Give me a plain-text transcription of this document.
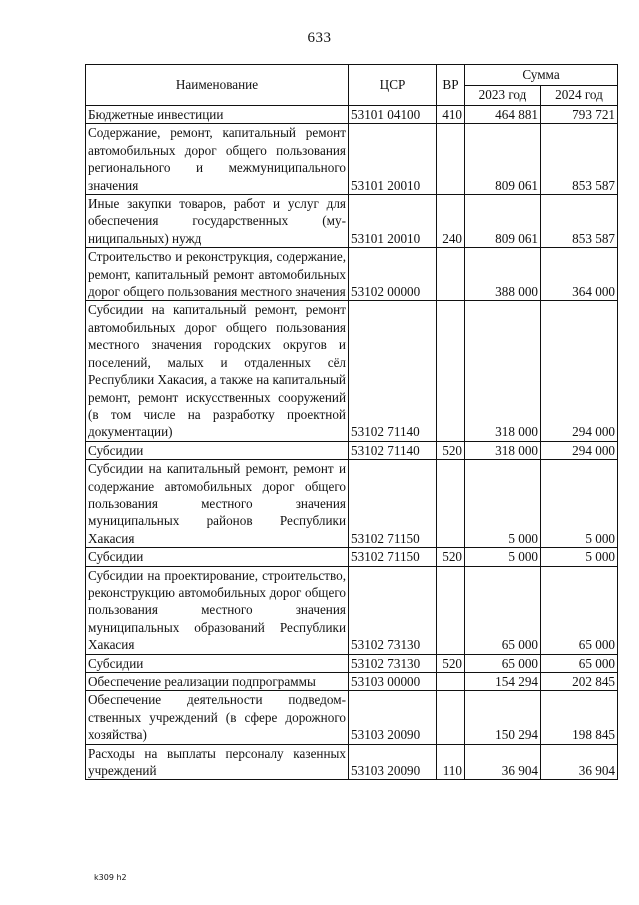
633
Наименование	ЦСР	ВР	Сумма	
			2023 год	2024 год
Бюджетные инвестиции	53101 04100	410	464 881	793 721
Содержание, ремонт, капитальный ремонт автомобильных дорог общего пользования регионального и межмуниципального значения	53101 20010		809 061	853 587
Иные закупки товаров, работ и услуг для обеспечения государственных (муниципальных) нужд	53101 20010	240	809 061	853 587
Строительство и реконструкция, содержание, ремонт, капитальный ремонт автомобильных дорог общего пользования местного значения	53102 00000		388 000	364 000
Субсидии на капитальный ремонт, ремонт автомобильных дорог общего пользования местного значения городских округов и поселений, малых и отдаленных сёл Республики Хакасия, а также на капитальный ремонт, ремонт искусственных сооружений (в том числе на разработку проектной документации)	53102 71140		318 000	294 000
Субсидии	53102 71140	520	318 000	294 000
Субсидии на капитальный ремонт, ремонт и содержание автомобильных дорог общего пользования местного значения муниципальных районов Республики Хакасия	53102 71150		5 000	5 000
Субсидии	53102 71150	520	5 000	5 000
Субсидии на проектирование, строительство, реконструкцию автомобильных дорог общего пользования местного значения муниципальных образований Республики Хакасия	53102 73130		65 000	65 000
Субсидии	53102 73130	520	65 000	65 000
Обеспечение реализации подпрограммы	53103 00000		154 294	202 845
Обеспечение деятельности подведомственных учреждений (в сфере дорожного хозяйства)	53103 20090		150 294	198 845
Расходы на выплаты персоналу казенных учреждений	53103 20090	110	36 904	36 904
k309 h2
